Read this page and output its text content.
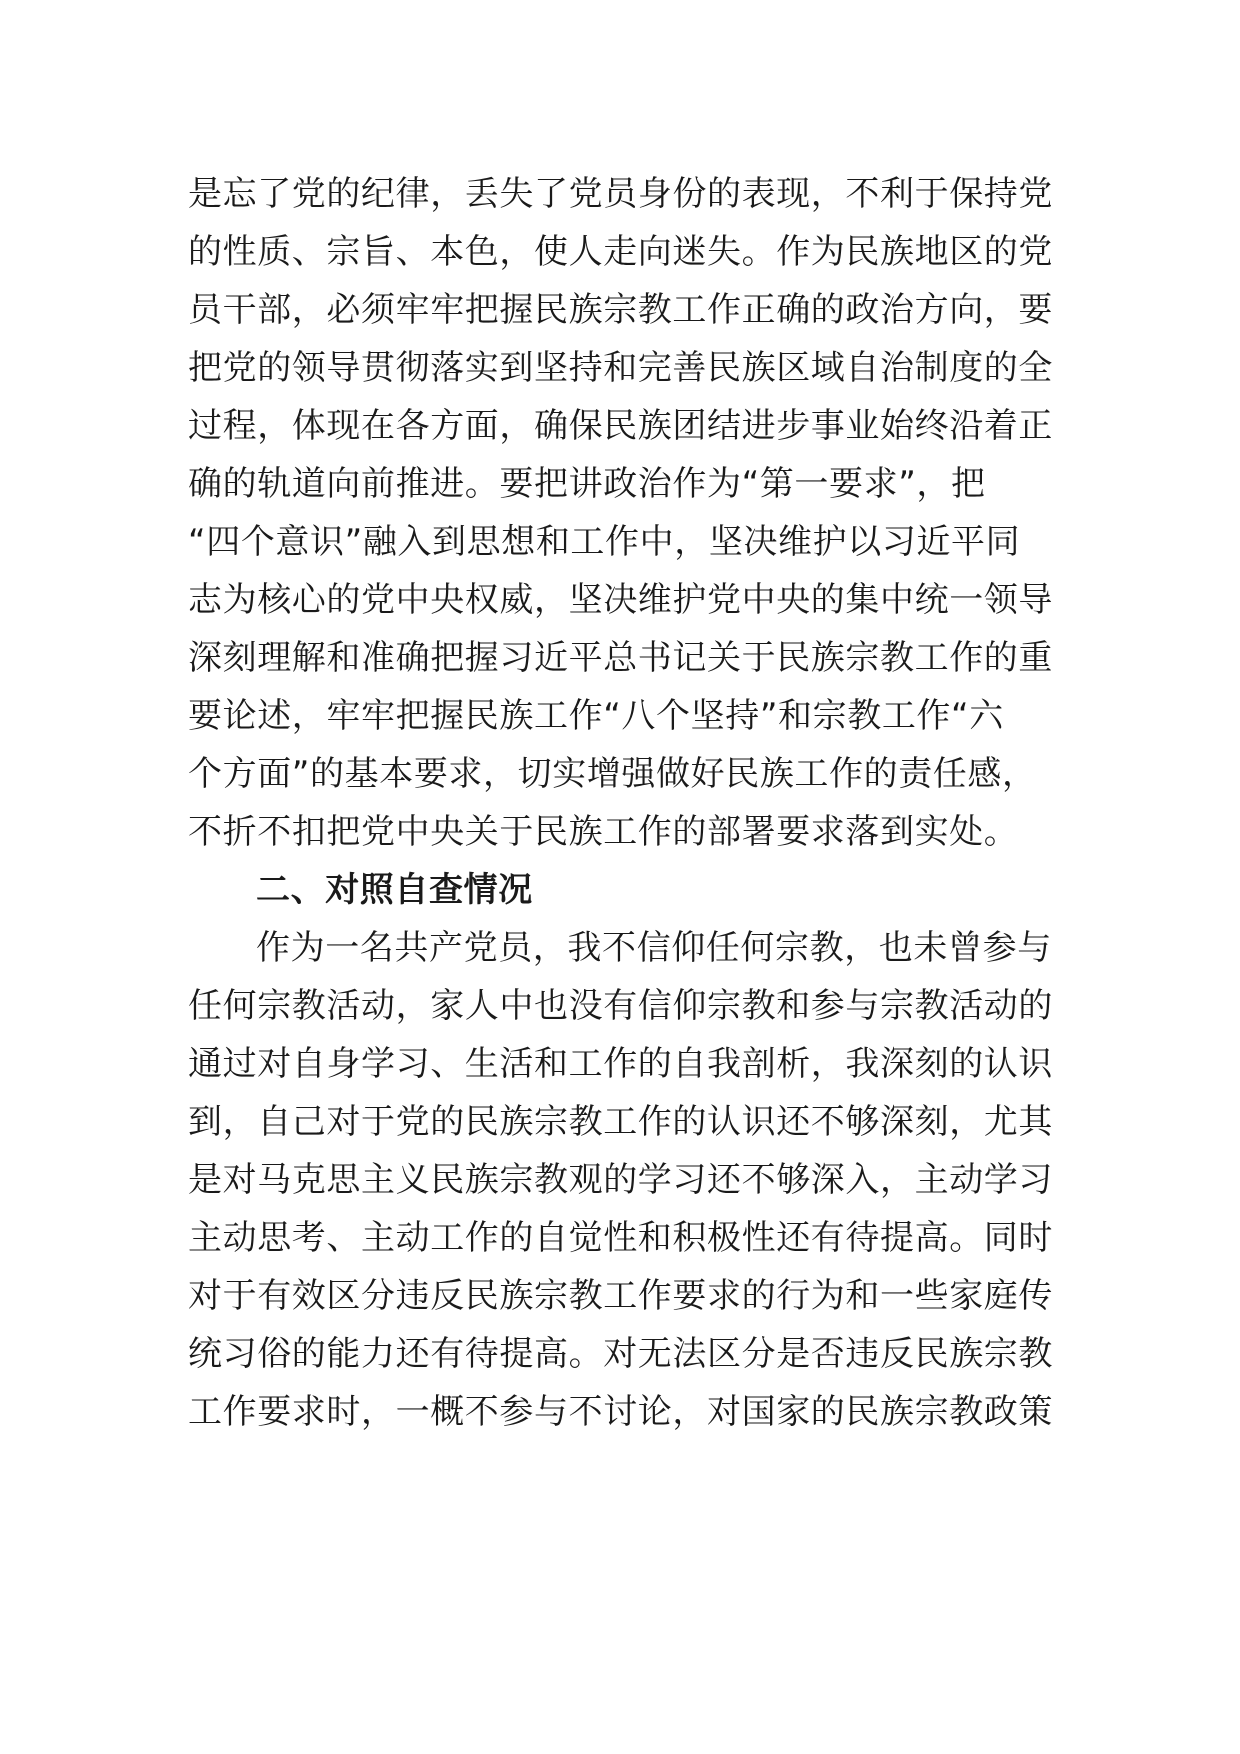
是忘了党的纪律，丢失了党员身份的表现，不利于保持党
的性质、宗旨、本色，使人走向迷失。作为民族地区的党
员干部，必须牢牢把握民族宗教工作正确的政治方向，要
把党的领导贯彻落实到坚持和完善民族区域自治制度的全
过程，体现在各方面，确保民族团结进步事业始终沿着正
确的轨道向前推进。要把讲政治作为“第一要求”，把
“四个意识”融入到思想和工作中，坚决维护以习近平同
志为核心的党中央权威，坚决维护党中央的集中统一领导
深刻理解和准确把握习近平总书记关于民族宗教工作的重
要论述，牢牢把握民族工作“八个坚持”和宗教工作“六
个方面”的基本要求，切实增强做好民族工作的责任感，
不折不扣把党中央关于民族工作的部署要求落到实处。
二、对照自查情况
作为一名共产党员，我不信仰任何宗教，也未曾参与
任何宗教活动，家人中也没有信仰宗教和参与宗教活动的
通过对自身学习、生活和工作的自我剖析，我深刻的认识
到，自己对于党的民族宗教工作的认识还不够深刻，尤其
是对马克思主义民族宗教观的学习还不够深入，主动学习
主动思考、主动工作的自觉性和积极性还有待提高。同时
对于有效区分违反民族宗教工作要求的行为和一些家庭传
统习俗的能力还有待提高。对无法区分是否违反民族宗教
工作要求时，一概不参与不讨论，对国家的民族宗教政策
